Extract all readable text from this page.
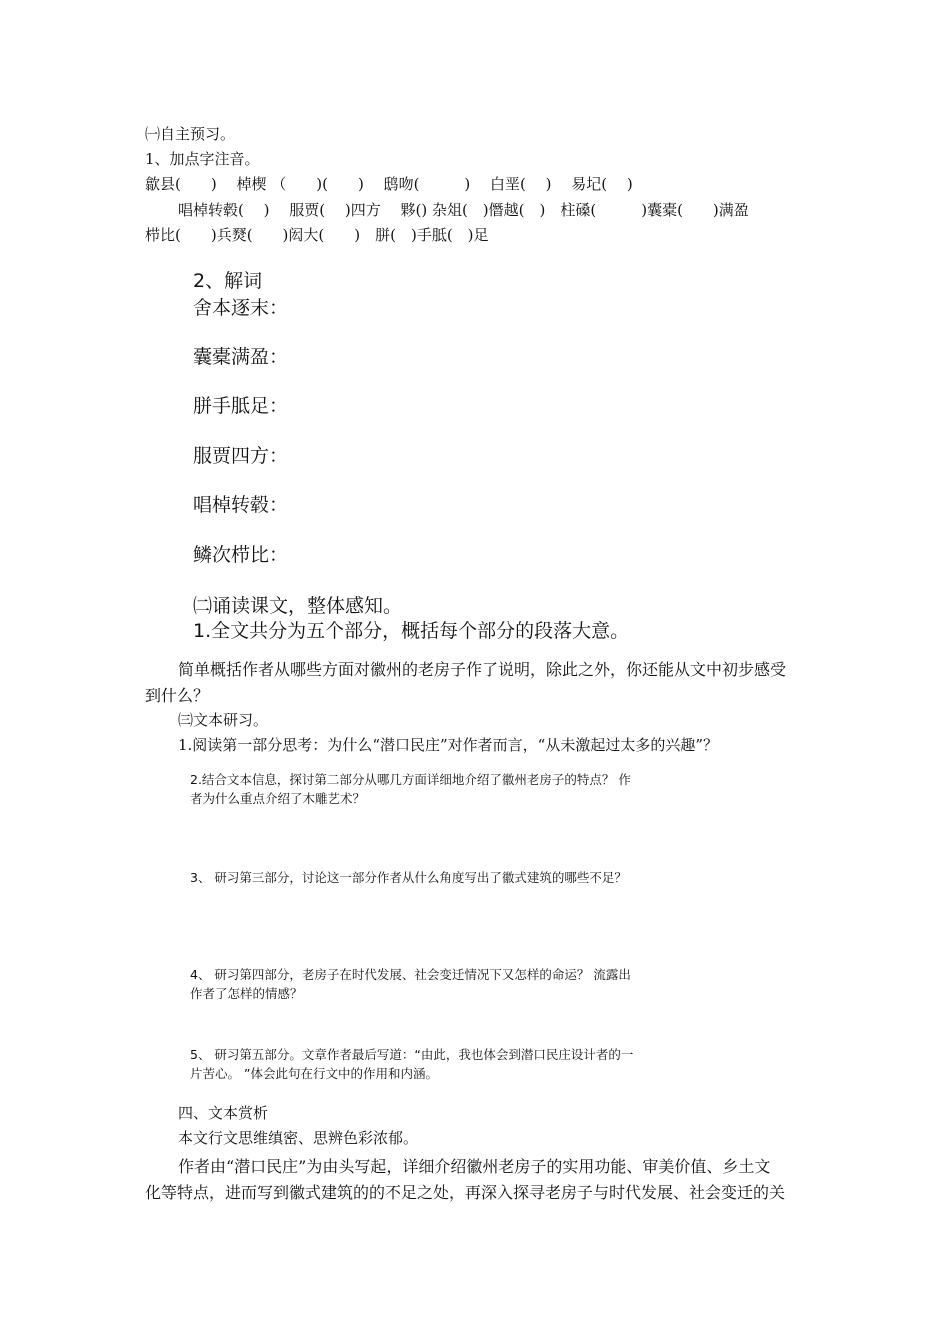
㈠自主预习。
1、加点字注音。
歙县(　　)　 棹楔 （　　)(　　)　 鸱吻(　　　)　 白垩(　 )　 易圮(　 )
唱棹转毂(　 )　 服贾(　 )四方　 夥() 杂俎(　)僭越(　)　柱磉(　　　)囊橐(　　)满盈
栉比(　　)兵燹(　　)闳大(　　)　胼(　)手胝(　)足
2、解词
舍本逐末：
囊橐满盈：
胼手胝足：
服贾四方：
唱棹转毂：
鳞次栉比：
㈡诵读课文，整体感知。
1.全文共分为五个部分，概括每个部分的段落大意。
简单概括作者从哪些方面对徽州的老房子作了说明，除此之外，你还能从文中初步感受
到什么？
㈢文本研习。
1.阅读第一部分思考：为什么“潜口民庄”对作者而言，“从未激起过太多的兴趣”？
2.结合文本信息，探讨第二部分从哪几方面详细地介绍了徽州老房子的特点？ 作
者为什么重点介绍了木雕艺术？
3、 研习第三部分，讨论这一部分作者从什么角度写出了徽式建筑的哪些不足？
4、 研习第四部分，老房子在时代发展、社会变迁情况下又怎样的命运？ 流露出
作者了怎样的情感？
5、 研习第五部分。文章作者最后写道：“由此，我也体会到潜口民庄设计者的一
片苦心。 ”体会此句在行文中的作用和内涵。
四、文本赏析
本文行文思维缜密、思辨色彩浓郁。
作者由“潜口民庄”为由头写起，详细介绍徽州老房子的实用功能、审美价值、乡土文
化等特点，进而写到徽式建筑的的不足之处，再深入探寻老房子与时代发展、社会变迁的关
